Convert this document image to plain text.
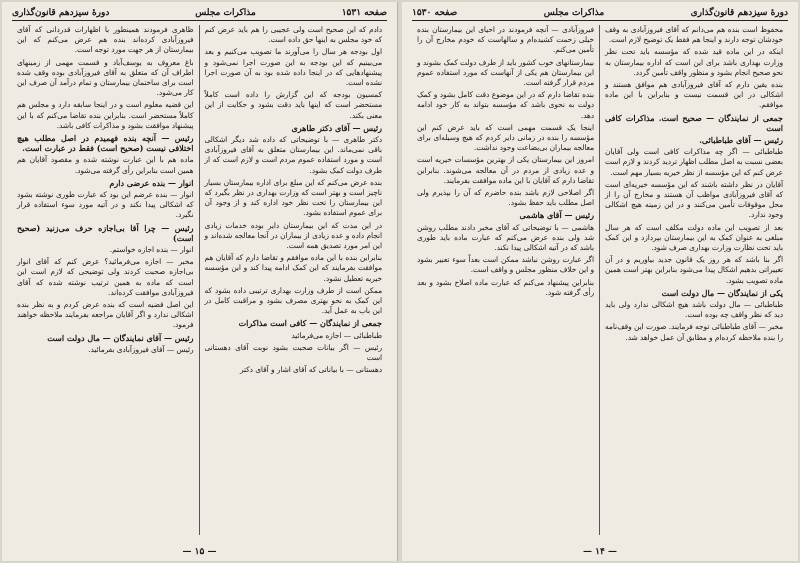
صفحه ۱۵۳۱
مذاکرات مجلس
دورهٔ سیزدهم قانون‌گذاری

دادم که این صحیح است ولی عجیبی را هم باید عرض کنم که خود مجلس به اینها حق داده است.

اول بودجه هر سال را می‌آورند ما تصویب می‌کنیم و بعد می‌بینیم که این بودجه به این صورت اجرا نمی‌شود و پیشنهادهایی که در اینجا داده شده بود به آن صورت اجرا نشده است.

کمسیون بودجه که این گزارش را داده است کاملاً مستحضر است که اینها باید دقت بشود و حکایت از این معنی بکند.

رئیس — آقای دکتر طاهری

دکتر طاهری — با توضیحاتی که داده شد دیگر اشکالی باقی نمی‌ماند. این بیمارستان متعلق به آقای فیروزآبادی است و مورد استفاده عموم مردم است و لازم است که از طرف دولت کمک بشود.

بنده عرض می‌کنم که این مبلغ برای اداره بیمارستان بسیار ناچیز است و بهتر است که وزارت بهداری در نظر بگیرد که این بیمارستان را تحت نظر خود اداره کند و از وجود آن برای عموم استفاده بشود.

در این مدت که این بیمارستان دایر بوده خدمات زیادی انجام داده و عده زیادی از بیماران در آنجا معالجه شده‌اند و این امر مورد تصدیق همه است.

بنابراین بنده با این ماده موافقم و تقاضا دارم که آقایان هم موافقت بفرمایند که این کمک ادامه پیدا کند و این مؤسسه خیریه تعطیل نشود.

ممکن است از طرف وزارت بهداری ترتیبی داده بشود که این کمک به نحو بهتری مصرف بشود و مراقبت کامل در این باب به عمل آید.

جمعی از نمایندگان — کافی است مذاکرات

طباطبائی — اجازه می‌فرمائید

رئیس — اگر بیانات صحبت بشود نوبت آقای دهستانی است

دهستانی — با بیاناتی که آقای اشار و آقای دکتر

ظاهری فرمودند همینطور با اظهارات قدردانی که آقای فیروزآبادی کرده‌اند بنده هم عرض می‌کنم که این بیمارستان از هر جهت مورد توجه است.

باغ معروف به یوسف‌آباد و قسمت مهمی از زمینهای اطراف آن که متعلق به آقای فیروزآبادی بوده وقف شده است برای ساختمان بیمارستان و تمام درآمد آن صرف این کار می‌شود.

این قضیه معلوم است و در اینجا سابقه دارد و مجلس هم کاملاً مستحضر است. بنابراین بنده تقاضا می‌کنم که با این پیشنهاد موافقت بشود و مذاکرات کافی باشد.

رئیس — آنچه بنده فهمیدم در اصل مطلب هیچ اختلافی نیست (صحیح است) فقط در عبارت است.

ماده هم با این عبارت نوشته شده و مقصود آقایان هم همین است بنابراین رأی گرفته می‌شود.

انوار — بنده عرضی دارم

انوار — بنده عرضم این بود که عبارت طوری نوشته بشود که اشکالی پیدا نکند و در آتیه مورد سوء استفاده قرار نگیرد.

رئیس — چرا آقا بی‌اجازه حرف می‌زنید (صحیح است)

انوار — بنده اجازه خواستم.

مخبر — اجازه می‌فرمائید؟ عرض کنم که آقای انوار بی‌اجازه صحبت کردند ولی توضیحی که لازم است این است که ماده به همین ترتیب نوشته شده که آقای فیروزآبادی موافقت کرده‌اند.

این اصل قضیه است که بنده عرض کردم و به نظر بنده اشکالی ندارد و اگر آقایان مراجعه بفرمایند ملاحظه خواهند فرمود.

رئیس — آقای نمایندگان — مال دولت است

رئیس — آقای فیروزآبادی بفرمائید.

— ۱۵ —
دورهٔ سیزدهم قانون‌گذاری
مذاکرات مجلس
صفحه ۱۵۳۰

محفوظ است بنده هم می‌دانم که آقای فیروزآبادی به وقف خودشان توجه دارند و اینجا هم فقط یک توضیح لازم است.

اینکه در این ماده قید شده که مؤسسه باید تحت نظر وزارت بهداری باشد برای این است که اداره بیمارستان به نحو صحیح انجام بشود و منظور واقف تأمین گردد.

بنده یقین دارم که آقای فیروزآبادی هم موافق هستند و اشکالی در این قسمت نیست و بنابراین با این ماده موافقم.

جمعی از نمایندگان — صحیح است. مذاکرات کافی است

رئیس — آقای طباطبائی.

طباطبائی — اگر چه مذاکرات کافی است ولی آقایان بعضی نسبت به اصل مطلب اظهار تردید کردند و لازم است عرض کنم که این مؤسسه از نظر خیریه بسیار مهم است.

آقایان در نظر داشته باشند که این مؤسسه خیریه‌ای است که آقای فیروزآبادی مواظب آن هستند و مخارج آن را از محل موقوفات تأمین می‌کنند و در این زمینه هیچ اشکالی وجود ندارد.

بعد از تصویب این ماده دولت مکلف است که هر سال مبلغی به عنوان کمک به این بیمارستان بپردازد و این کمک باید تحت نظارت وزارت بهداری صرف شود.

اگر بنا باشد که هر روز یک قانون جدید بیاوریم و در آن تغییراتی بدهیم اشکال پیدا می‌شود بنابراین بهتر است همین ماده تصویب بشود.

یکی از نمایندگان — مال دولت است

طباطبائی — مال دولت باشد هیچ اشکالی ندارد ولی باید دید که نظر واقف چه بوده است.

مخبر — آقای طباطبائی توجه فرمایند. صورت این وقف‌نامه را بنده ملاحظه کرده‌ام و مطابق آن عمل خواهد شد.

فیروزآبادی — آنچه فرمودند در احیای این بیمارستان بنده خیلی زحمت کشیده‌ام و سالهاست که خودم مخارج آن را تأمین می‌کنم.

بیمارستانهای خوب کشور باید از طرف دولت کمک بشوند و این بیمارستان هم یکی از آنهاست که مورد استفاده عموم مردم قرار گرفته است.

بنده تقاضا دارم که در این موضوع دقت کامل بشود و کمک دولت به نحوی باشد که مؤسسه بتواند به کار خود ادامه دهد.

اینجا یک قسمت مهمی است که باید عرض کنم این مؤسسه را بنده در زمانی دایر کردم که هیچ وسیله‌ای برای معالجه بیماران بی‌بضاعت وجود نداشت.

امروز این بیمارستان یکی از بهترین مؤسسات خیریه است و عده زیادی از مردم در آن معالجه می‌شوند. بنابراین تقاضا دارم که آقایان با این ماده موافقت بفرمایند.

اگر اصلاحی لازم باشد بنده حاضرم که آن را بپذیرم ولی اصل مطلب باید حفظ بشود.

رئیس — آقای هاشمی

هاشمی — با توضیحاتی که آقای مخبر دادند مطلب روشن شد ولی بنده عرض می‌کنم که عبارت ماده باید طوری باشد که در آتیه اشکالی پیدا نکند.

اگر عبارت روشن نباشد ممکن است بعداً سوء تعبیر بشود و این خلاف منظور مجلس و واقف است.

بنابراین پیشنهاد می‌کنم که عبارت ماده اصلاح بشود و بعد رأی گرفته شود.

— ۱۴ —
